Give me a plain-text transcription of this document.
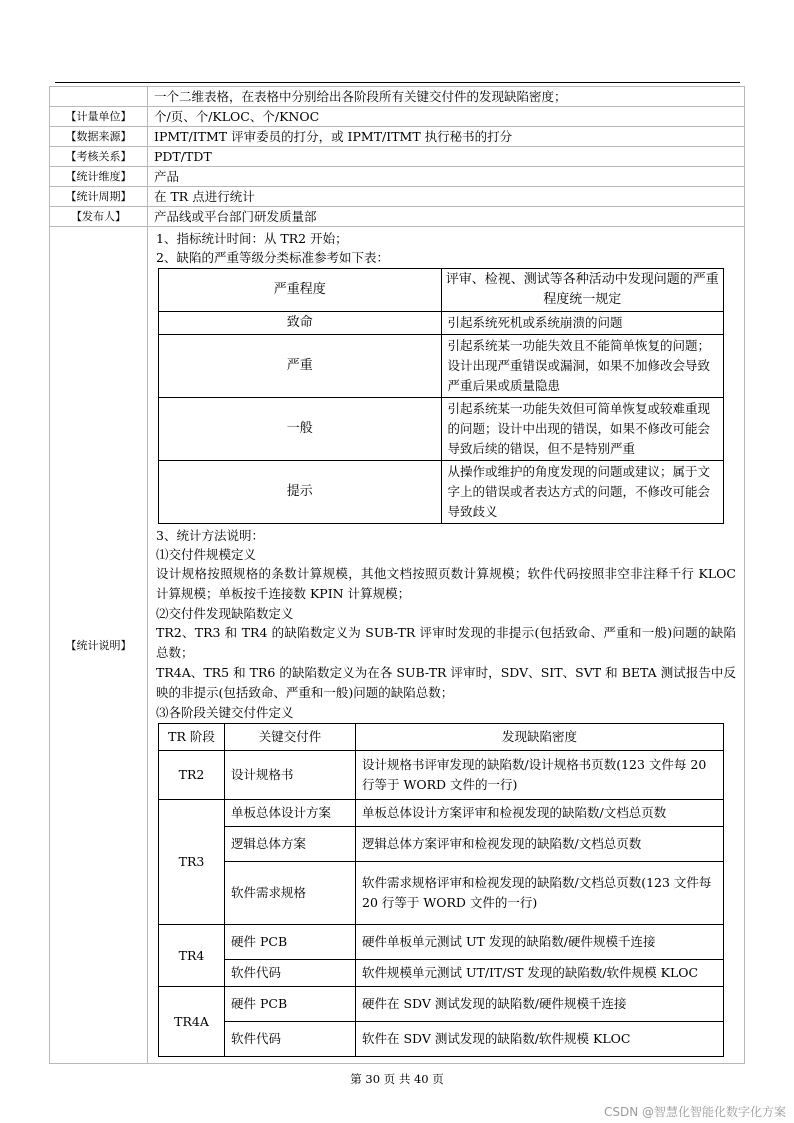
	一个二维表格，在表格中分别给出各阶段所有关键交付件的发现缺陷密度；
【计量单位】	个/页、个/KLOC、个/KNOC
【数据来源】	IPMT/ITMT 评审委员的打分，或 IPMT/ITMT 执行秘书的打分
【考核关系】	PDT/TDT
【统计维度】	产品
【统计周期】	在 TR 点进行统计
【发布人】	产品线或平台部门研发质量部
【统计说明】	
1、指标统计时间：从 TR2 开始；
2、缺陷的严重等级分类标准参考如下表：
严重程度	评审、检视、测试等各种活动中发现问题的严重程度统一规定
致命	引起系统死机或系统崩溃的问题
严重	引起系统某一功能失效且不能简单恢复的问题；设计出现严重错误或漏洞，如果不加修改会导致严重后果或质量隐患
一般	引起系统某一功能失效但可简单恢复或较难重现的问题；设计中出现的错误，如果不修改可能会导致后续的错误，但不是特别严重
提示	从操作或维护的角度发现的问题或建议；属于文字上的错误或者表达方式的问题，不修改可能会导致歧义
3、统计方法说明：
⑴交付件规模定义
设计规格按照规格的条数计算规模，其他文档按照页数计算规模；软件代码按照非空非注释千行 KLOC 计算规模；单板按千连接数 KPIN 计算规模；
⑵交付件发现缺陷数定义
TR2、TR3 和 TR4 的缺陷数定义为 SUB-TR 评审时发现的非提示(包括致命、严重和一般)问题的缺陷总数；
TR4A、TR5 和 TR6 的缺陷数定义为在各 SUB-TR 评审时，SDV、SIT、SVT 和 BETA 测试报告中反映的非提示(包括致命、严重和一般)问题的缺陷总数；
⑶各阶段关键交付件定义
TR 阶段	关键交付件	发现缺陷密度
TR2	设计规格书	设计规格书评审发现的缺陷数/设计规格书页数(123 文件每 20 行等于 WORD 文件的一行)
TR3	单板总体设计方案	单板总体设计方案评审和检视发现的缺陷数/文档总页数
逻辑总体方案	逻辑总体方案评审和检视发现的缺陷数/文档总页数
软件需求规格	软件需求规格评审和检视发现的缺陷数/文档总页数(123 文件每 20 行等于 WORD 文件的一行)
TR4	硬件 PCB	硬件单板单元测试 UT 发现的缺陷数/硬件规模千连接
软件代码	软件规模单元测试 UT/IT/ST 发现的缺陷数/软件规模 KLOC
TR4A	硬件 PCB	硬件在 SDV 测试发现的缺陷数/硬件规模千连接
软件代码	软件在 SDV 测试发现的缺陷数/软件规模 KLOC
第 30 页 共 40 页
CSDN @智慧化智能化数字化方案
